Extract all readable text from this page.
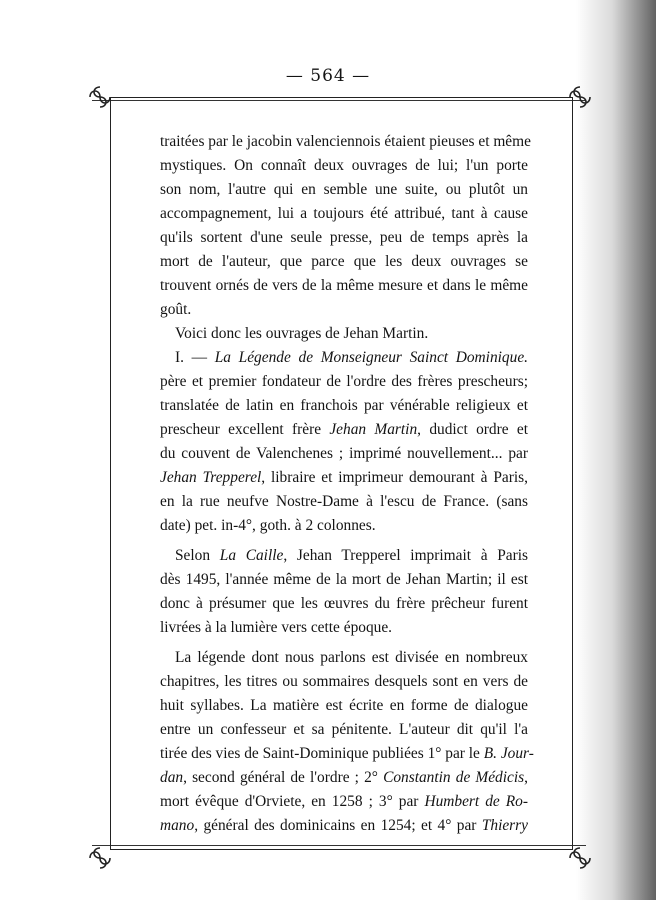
— 564 —
traitées par le jacobin valenciennois étaient pieuses et même
mystiques. On connaît deux ouvrages de lui; l'un porte
son nom, l'autre qui en semble une suite, ou plutôt un
accompagnement, lui a toujours été attribué, tant à cause
qu'ils sortent d'une seule presse, peu de temps après la
mort de l'auteur, que parce que les deux ouvrages se
trouvent ornés de vers de la même mesure et dans le même
goût.
Voici donc les ouvrages de Jehan Martin.
I. — La Légende de Monseigneur Sainct Dominique.
père et premier fondateur de l'ordre des frères prescheurs;
translatée de latin en franchois par vénérable religieux et
prescheur excellent frère Jehan Martin, dudict ordre et
du couvent de Valenchenes ; imprimé nouvellement... par
Jehan Trepperel, libraire et imprimeur demourant à Paris,
en la rue neufve Nostre-Dame à l'escu de France. (sans
date) pet. in-4°, goth. à 2 colonnes.
Selon La Caille, Jehan Trepperel imprimait à Paris
dès 1495, l'année même de la mort de Jehan Martin; il est
donc à présumer que les œuvres du frère prêcheur furent
livrées à la lumière vers cette époque.
La légende dont nous parlons est divisée en nombreux
chapitres, les titres ou sommaires desquels sont en vers de
huit syllabes. La matière est écrite en forme de dialogue
entre un confesseur et sa pénitente. L'auteur dit qu'il l'a
tirée des vies de Saint-Dominique publiées 1° par le B. Jour-
dan, second général de l'ordre ; 2° Constantin de Médicis,
mort évêque d'Orviete, en 1258 ; 3° par Humbert de Ro-
mano, général des dominicains en 1254; et 4° par Thierry
